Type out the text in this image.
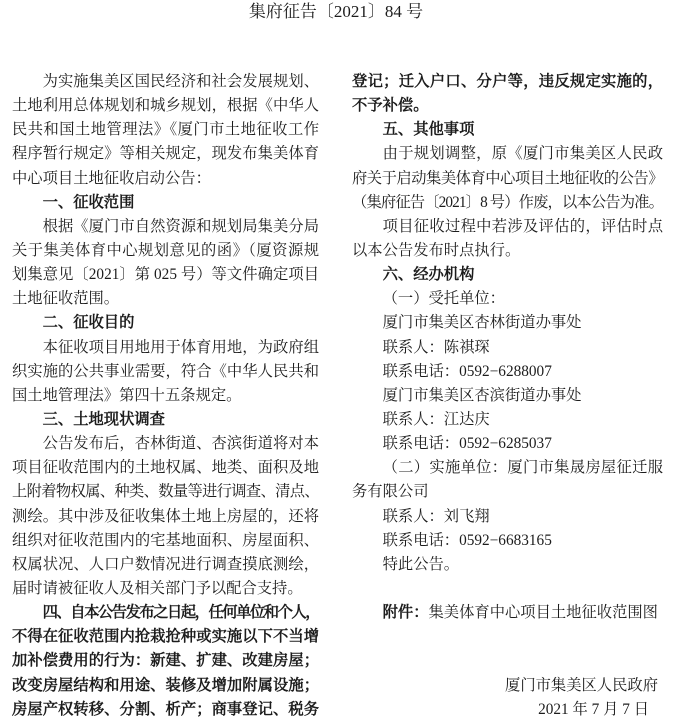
集府征告〔2021〕84 号
为实施集美区国民经济和社会发展规划、
土地利用总体规划和城乡规划，根据《中华人
民共和国土地管理法》《厦门市土地征收工作
程序暂行规定》等相关规定，现发布集美体育
中心项目土地征收启动公告：
一、征收范围
根据《厦门市自然资源和规划局集美分局
关于集美体育中心规划意见的函》（厦资源规
划集意见〔2021〕第 025 号）等文件确定项目
土地征收范围。
二、征收目的
本征收项目用地用于体育用地，为政府组
织实施的公共事业需要，符合《中华人民共和
国土地管理法》第四十五条规定。
三、土地现状调查
公告发布后，杏林街道、杏滨街道将对本
项目征收范围内的土地权属、地类、面积及地
上附着物权属、种类、数量等进行调查、清点、
测绘。其中涉及征收集体土地上房屋的，还将
组织对征收范围内的宅基地面积、房屋面积、
权属状况、人口户数情况进行调查摸底测绘，
届时请被征收人及相关部门予以配合支持。
四、自本公告发布之日起，任何单位和个人，
不得在征收范围内抢栽抢种或实施以下不当增
加补偿费用的行为：新建、扩建、改建房屋；
改变房屋结构和用途、装修及增加附属设施；
房屋产权转移、分割、析产；商事登记、税务
登记；迁入户口、分户等，违反规定实施的，
不予补偿。
五、其他事项
由于规划调整，原《厦门市集美区人民政
府关于启动集美体育中心项目土地征收的公告》
（集府征告〔2021〕8 号）作废，以本公告为准。
项目征收过程中若涉及评估的，评估时点
以本公告发布时点执行。
六、经办机构
（一）受托单位：
厦门市集美区杏林街道办事处
联系人：陈祺琛
联系电话：0592−6288007
厦门市集美区杏滨街道办事处
联系人：江达庆
联系电话：0592−6285037
（二）实施单位：厦门市集晟房屋征迁服
务有限公司
联系人：刘飞翔
联系电话：0592−6683165
特此公告。
附件：集美体育中心项目土地征收范围图
厦门市集美区人民政府
2021 年 7 月 7 日
